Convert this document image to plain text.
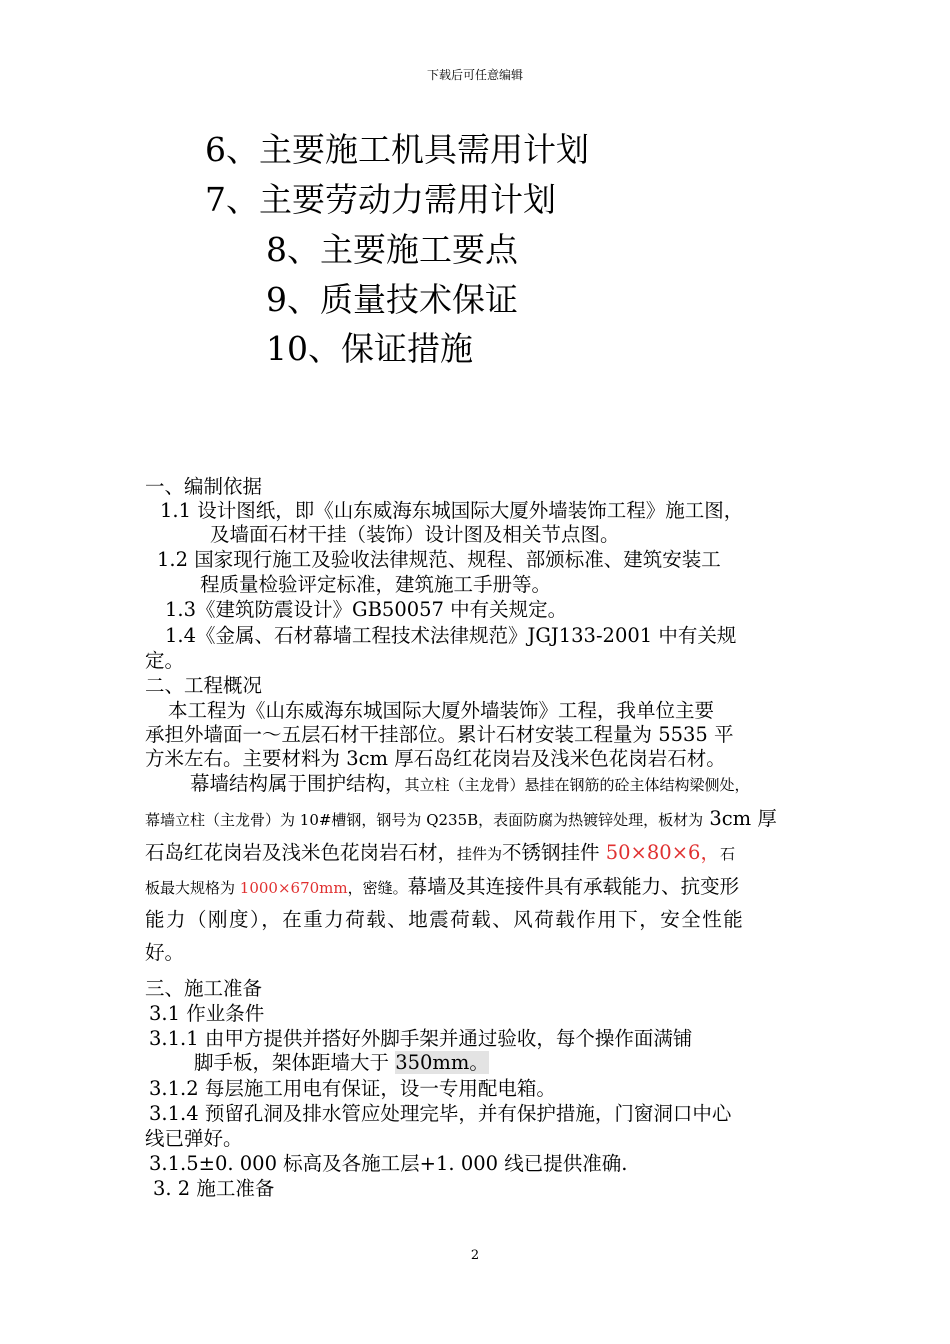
下载后可任意编辑
6、主要施工机具需用计划
7、主要劳动力需用计划
8、主要施工要点
9、质量技术保证
10、保证措施
一、编制依据
1.1 设计图纸，即《山东威海东城国际大厦外墙装饰工程》施工图，
及墙面石材干挂（装饰）设计图及相关节点图。
1.2 国家现行施工及验收法律规范、规程、部颁标准、建筑安装工
程质量检验评定标准，建筑施工手册等。
1.3《建筑防震设计》GB50057 中有关规定。
1.4《金属、石材幕墙工程技术法律规范》JGJ133-2001 中有关规
定。
二、工程概况
本工程为《山东威海东城国际大厦外墙装饰》工程，我单位主要
承担外墙面一～五层石材干挂部位。累计石材安装工程量为 5535 平
方米左右。主要材料为 3cm 厚石岛红花岗岩及浅米色花岗岩石材。
幕墙结构属于围护结构，其立柱（主龙骨）悬挂在钢筋的砼主体结构梁侧处，
幕墙立柱（主龙骨）为 10#槽钢，钢号为 Q235B，表面防腐为热镀锌处理，板材为 3cm 厚
石岛红花岗岩及浅米色花岗岩石材，挂件为不锈钢挂件 50×80×6，石
板最大规格为 1000×670mm，密缝。幕墙及其连接件具有承载能力、抗变形
能力（刚度），在重力荷载、地震荷载、风荷载作用下，安全性能
好。
三、施工准备
3.1 作业条件
3.1.1 由甲方提供并搭好外脚手架并通过验收，每个操作面满铺
脚手板，架体距墙大于 350mm。
3.1.2 每层施工用电有保证，设一专用配电箱。
3.1.4 预留孔洞及排水管应处理完毕，并有保护措施，门窗洞口中心
线已弹好。
3.1.5±0. 000 标高及各施工层+1. 000 线已提供准确.
3. 2 施工准备
2
